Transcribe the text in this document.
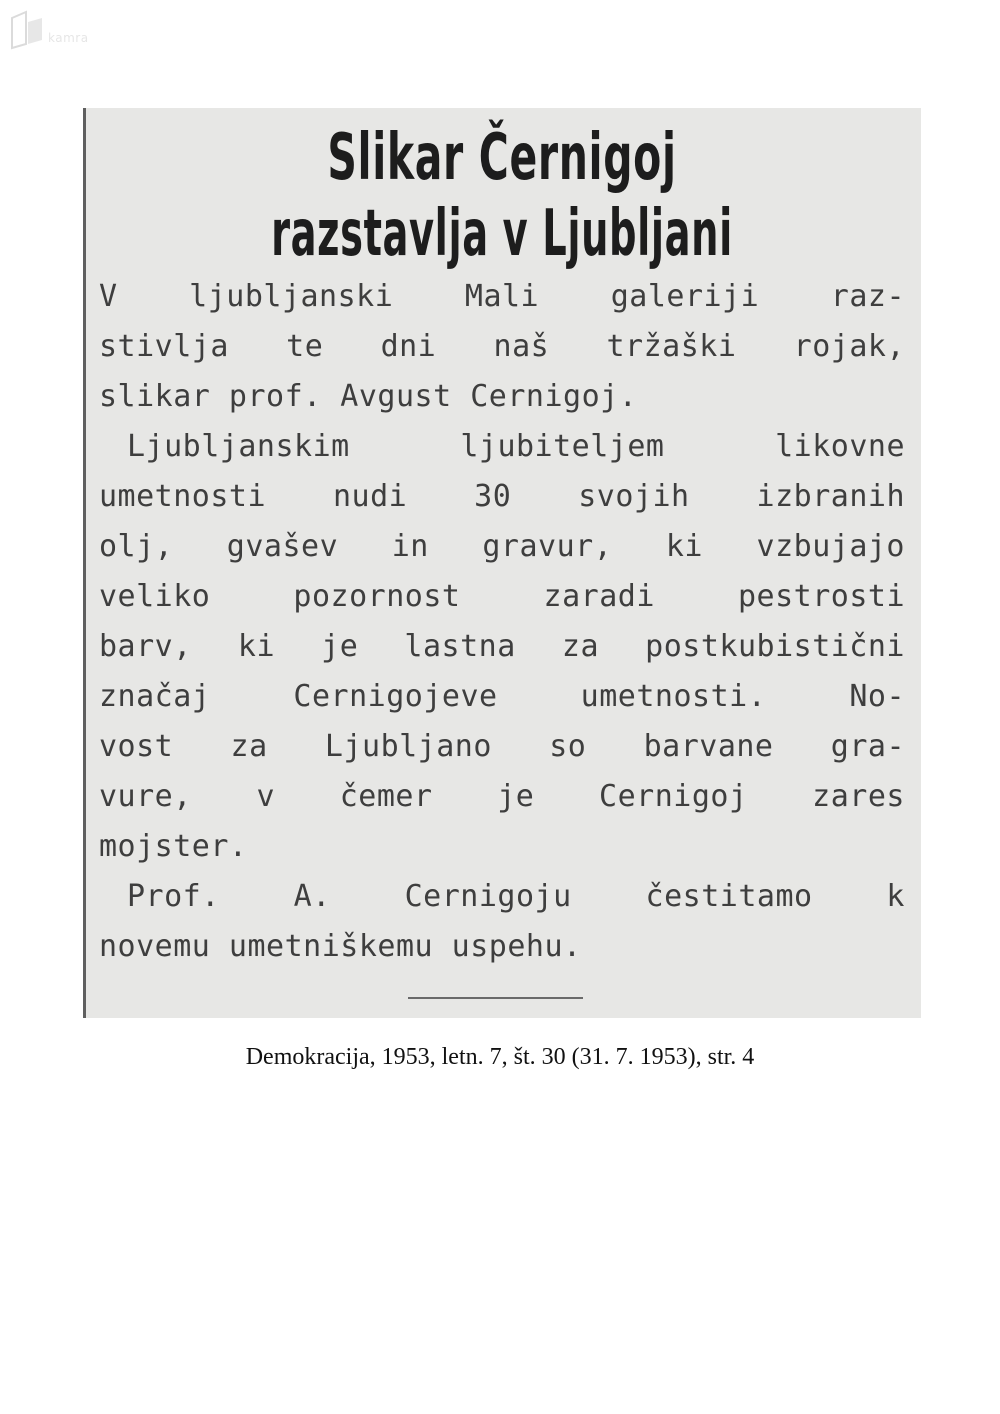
kamra
Slikar Černigoj
razstavlja v Ljubljani
V ljubljanski Mali galeriji raz-
stivlja te dni naš tržaški rojak,
slikar prof. Avgust Cernigoj.
Ljubljanskim ljubiteljem likovne
umetnosti nudi 30 svojih izbranih
olj, gvašev in gravur, ki vzbujajo
veliko pozornost zaradi pestrosti
barv, ki je lastna za postkubistični
značaj Cernigojeve umetnosti. No-
vost za Ljubljano so barvane gra-
vure, v čemer je Cernigoj zares
mojster.
Prof. A. Cernigoju čestitamo k
novemu umetniškemu uspehu.
Demokracija, 1953, letn. 7, št. 30 (31. 7. 1953), str. 4
